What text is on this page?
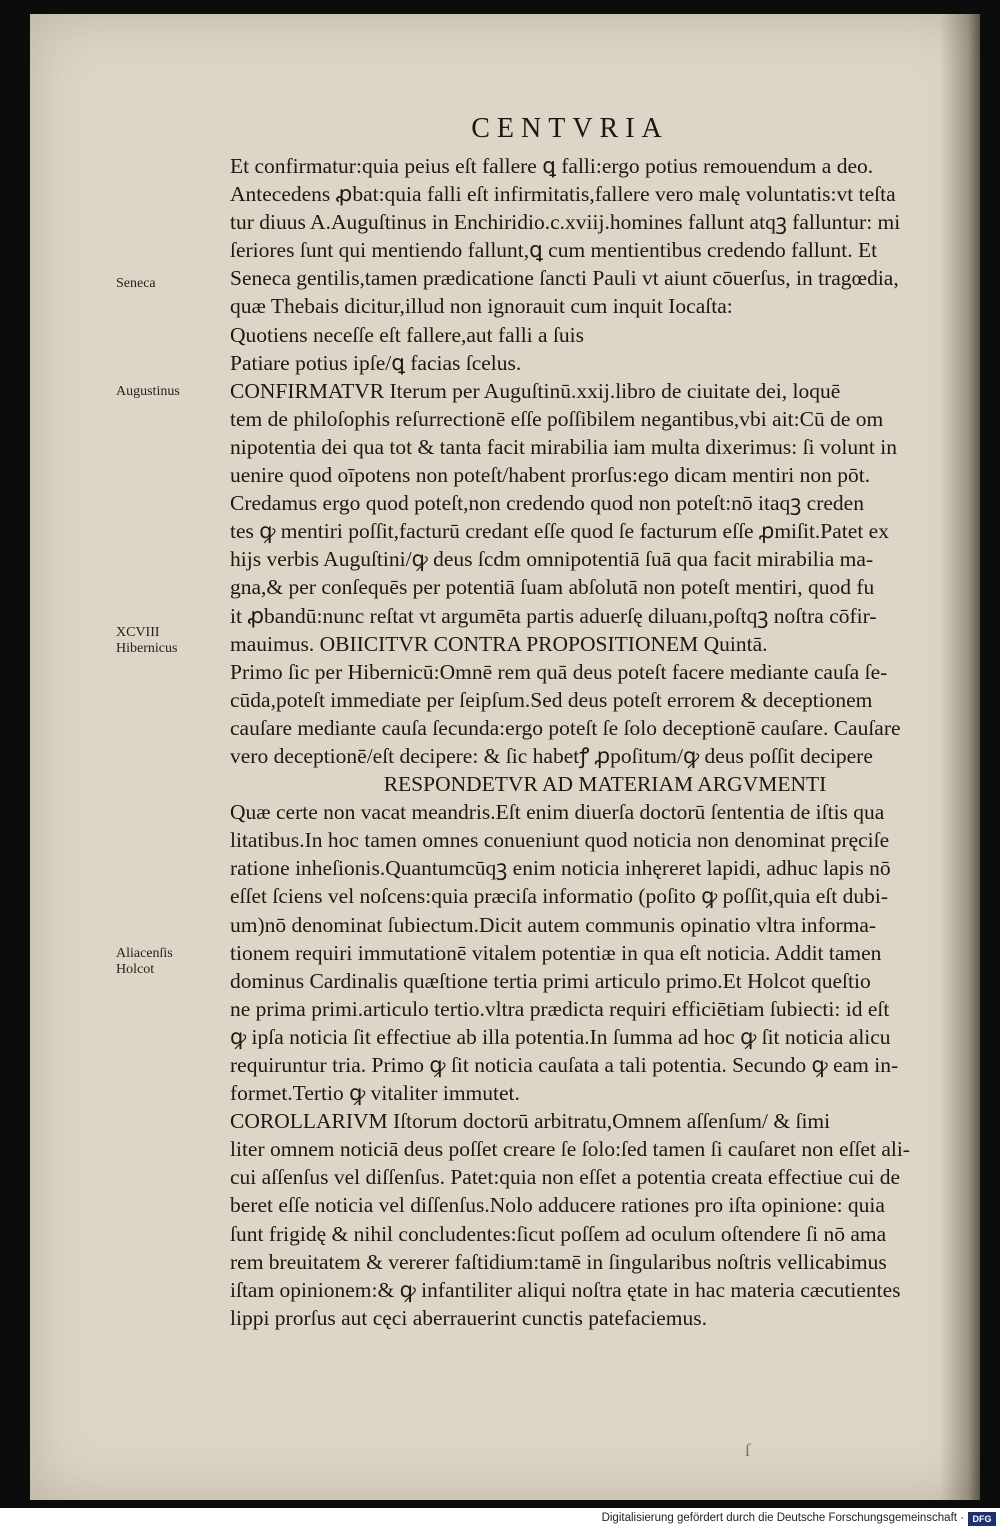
CENTVRIA
Seneca
Augustinus
XCVIII
Hibernicus
Aliacenſis
Holcot
Et confirmatur:quia peius eſt fallere ꝗ falli:ergo potius remouendum a deo.
Antecedens ꝓbat:quia falli eſt infirmitatis,fallere vero malę voluntatis:vt teſta
tur diuus A.Auguſtinus in Enchiridio.c.xviij.homines fallunt atqꝫ falluntur: mi
ſeriores ſunt qui mentiendo fallunt,ꝗ cum mentientibus credendo fallunt. Et
Seneca gentilis,tamen prædicatione ſancti Pauli vt aiunt cōuerſus, in tragœdia,
quæ Thebais dicitur,illud non ignorauit cum inquit Iocaſta:
Quotiens neceſſe eſt fallere,aut falli a ſuis
Patiare potius ipſe/ꝗ facias ſcelus.
CONFIRMATVR Iterum per Auguſtinū.xxij.libro de ciuitate dei, loquē
tem de philoſophis reſurrectionē eſſe poſſibilem negantibus,vbi ait:Cū de om
nipotentia dei qua tot & tanta facit mirabilia iam multa dixerimus: ſi volunt in
uenire quod oīpotens non poteſt/habent prorſus:ego dicam mentiri non pōt.
Credamus ergo quod poteſt,non credendo quod non poteſt:nō itaqꝫ creden
tes ꝙ mentiri poſſit,facturū credant eſſe quod ſe facturum eſſe ꝓmiſit.Patet ex
hijs verbis Auguſtini/ꝙ deus ſcdm omnipotentiā ſuā qua facit mirabilia ma-
gna,& per conſequēs per potentiā ſuam abſolutā non poteſt mentiri, quod fu
it ꝓbandū:nunc reſtat vt argumēta partis aduerſę diluanı,poſtqꝫ noſtra cōfir-
mauimus. OBIICITVR CONTRA PROPOSITIONEM Quintā.
Primo ſic per Hibernicū:Omnē rem quā deus poteſt facere mediante cauſa ſe-
cūda,poteſt immediate per ſeipſum.Sed deus poteſt errorem & deceptionem
cauſare mediante cauſa ſecunda:ergo poteſt ſe ſolo deceptionē cauſare. Cauſare
vero deceptionē/eſt decipere: & ſic habetꝭ ꝓpoſitum/ꝙ deus poſſit decipere
RESPONDETVR AD MATERIAM ARGVMENTI
Quæ certe non vacat meandris.Eſt enim diuerſa doctorū ſententia de iſtis qua
litatibus.In hoc tamen omnes conueniunt quod noticia non denominat pręciſe
ratione inheſionis.Quantumcūqꝫ enim noticia inhęreret lapidi, adhuc lapis nō
eſſet ſciens vel noſcens:quia præciſa informatio (poſito ꝙ poſſit,quia eſt dubi-
um)nō denominat ſubiectum.Dicit autem communis opinatio vltra informa-
tionem requiri immutationē vitalem potentiæ in qua eſt noticia. Addit tamen
dominus Cardinalis quæſtione tertia primi articulo primo.Et Holcot queſtio
ne prima primi.articulo tertio.vltra prædicta requiri efficiētiam ſubiecti: id eſt
ꝙ ipſa noticia ſit effectiue ab illa potentia.In ſumma ad hoc ꝙ ſit noticia alicu
requiruntur tria. Primo ꝙ ſit noticia cauſata a tali potentia. Secundo ꝙ eam in-
formet.Tertio ꝙ vitaliter immutet.
COROLLARIVM Iſtorum doctorū arbitratu,Omnem aſſenſum/ & ſimi
liter omnem noticiā deus poſſet creare ſe ſolo:ſed tamen ſi cauſaret non eſſet ali-
cui aſſenſus vel diſſenſus. Patet:quia non eſſet a potentia creata effectiue cui de
beret eſſe noticia vel diſſenſus.Nolo adducere rationes pro iſta opinione: quia
ſunt frigidę & nihil concludentes:ſicut poſſem ad oculum oſtendere ſi nō ama
rem breuitatem & vererer faſtidium:tamē in ſingularibus noſtris vellicabimus
iſtam opinionem:& ꝙ infantiliter aliqui noſtra ętate in hac materia cæcutientes
lippi prorſus aut cęci aberrauerint cunctis patefaciemus.
ſ
Digitalisierung gefördert durch die Deutsche Forschungsgemeinschaft · DFG
